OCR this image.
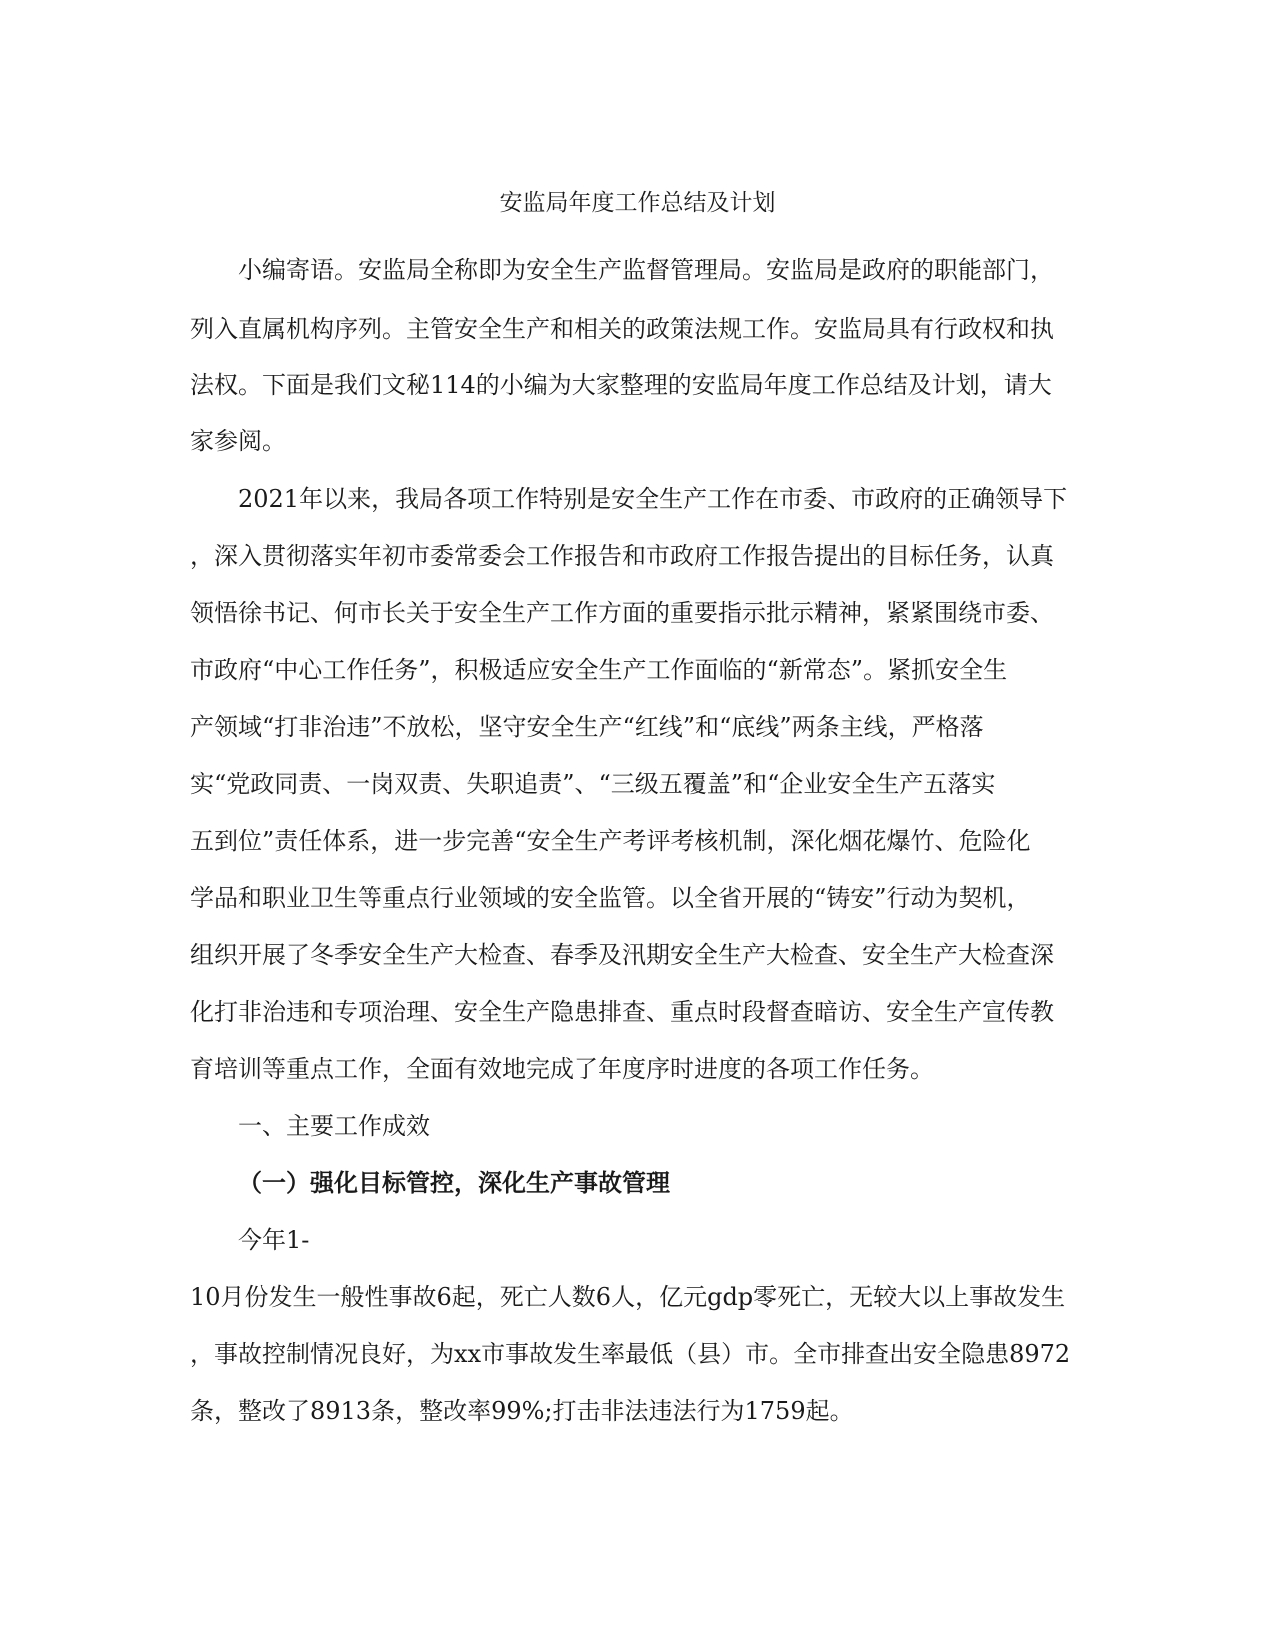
安监局年度工作总结及计划
小编寄语。安监局全称即为安全生产监督管理局。安监局是政府的职能部门，
列入直属机构序列。主管安全生产和相关的政策法规工作。安监局具有行政权和执
法权。下面是我们文秘114的小编为大家整理的安监局年度工作总结及计划，请大
家参阅。
2021年以来，我局各项工作特别是安全生产工作在市委、市政府的正确领导下
，深入贯彻落实年初市委常委会工作报告和市政府工作报告提出的目标任务，认真
领悟徐书记、何市长关于安全生产工作方面的重要指示批示精神，紧紧围绕市委、
市政府“中心工作任务”，积极适应安全生产工作面临的“新常态”。紧抓安全生
产领域“打非治违”不放松，坚守安全生产“红线”和“底线”两条主线，严格落
实“党政同责、一岗双责、失职追责”、“三级五覆盖”和“企业安全生产五落实
五到位”责任体系，进一步完善“安全生产考评考核机制，深化烟花爆竹、危险化
学品和职业卫生等重点行业领域的安全监管。以全省开展的“铸安”行动为契机，
组织开展了冬季安全生产大检查、春季及汛期安全生产大检查、安全生产大检查深
化打非治违和专项治理、安全生产隐患排查、重点时段督查暗访、安全生产宣传教
育培训等重点工作，全面有效地完成了年度序时进度的各项工作任务。
一、主要工作成效
（一）强化目标管控，深化生产事故管理
今年1-
10月份发生一般性事故6起，死亡人数6人，亿元gdp零死亡，无较大以上事故发生
，事故控制情况良好，为xx市事故发生率最低（县）市。全市排查出安全隐患8972
条，整改了8913条，整改率99%;打击非法违法行为1759起。
